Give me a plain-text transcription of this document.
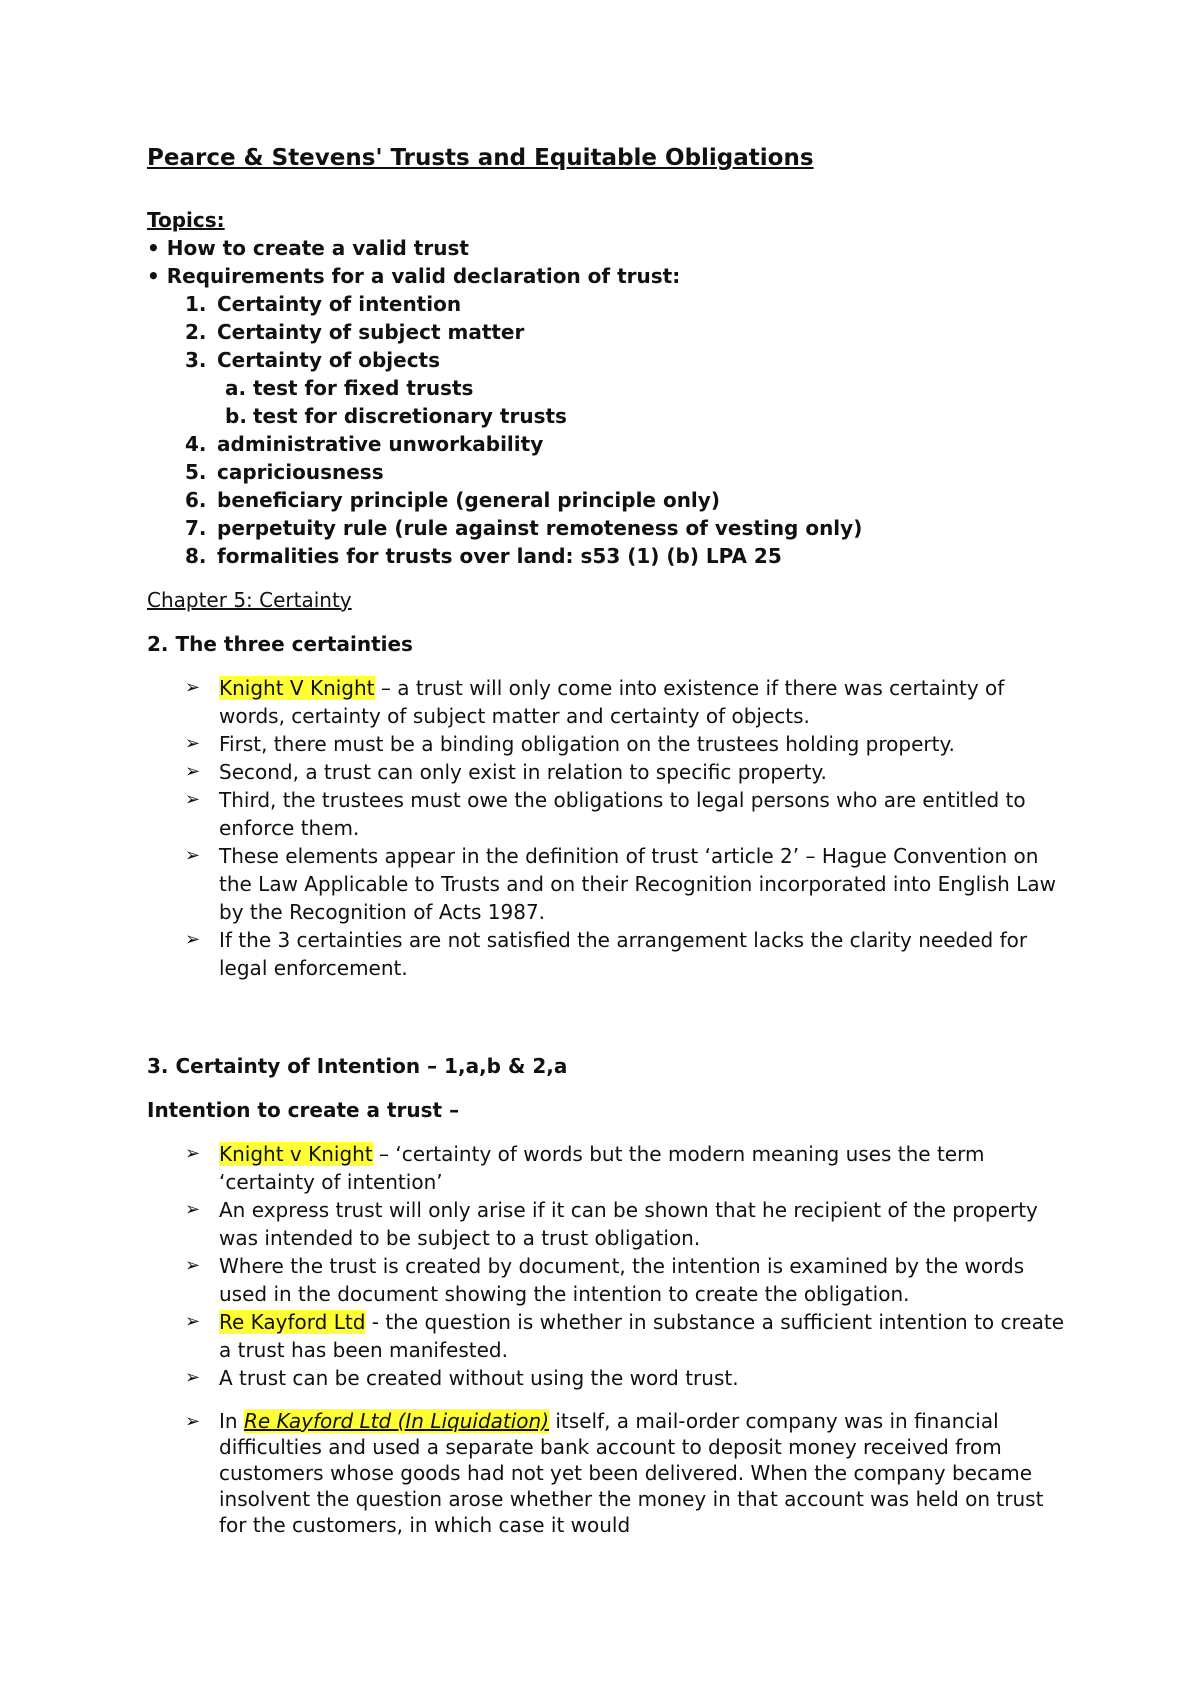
Pearce & Stevens' Trusts and Equitable Obligations
Topics:
• How to create a valid trust
• Requirements for a valid declaration of trust:
1. Certainty of intention
2. Certainty of subject matter
3. Certainty of objects
a. test for fixed trusts
b. test for discretionary trusts
4. administrative unworkability
5. capriciousness
6. beneficiary principle (general principle only)
7. perpetuity rule (rule against remoteness of vesting only)
8. formalities for trusts over land: s53 (1) (b) LPA 25
Chapter 5: Certainty
2. The three certainties
➢ Knight V Knight – a trust will only come into existence if there was certainty of words, certainty of subject matter and certainty of objects.
➢ First, there must be a binding obligation on the trustees holding property.
➢ Second, a trust can only exist in relation to specific property.
➢ Third, the trustees must owe the obligations to legal persons who are entitled to enforce them.
➢ These elements appear in the definition of trust ‘article 2’ – Hague Convention on the Law Applicable to Trusts and on their Recognition incorporated into English Law by the Recognition of Acts 1987.
➢ If the 3 certainties are not satisfied the arrangement lacks the clarity needed for legal enforcement.
3. Certainty of Intention – 1,a,b & 2,a
Intention to create a trust –
➢ Knight v Knight – ‘certainty of words but the modern meaning uses the term ‘certainty of intention’
➢ An express trust will only arise if it can be shown that he recipient of the property was intended to be subject to a trust obligation.
➢ Where the trust is created by document, the intention is examined by the words used in the document showing the intention to create the obligation.
➢ Re Kayford Ltd - the question is whether in substance a sufficient intention to create a trust has been manifested.
➢ A trust can be created without using the word trust.
➢ In Re Kayford Ltd (In Liquidation) itself, a mail-order company was in financial difficulties and used a separate bank account to deposit money received from customers whose goods had not yet been delivered. When the company became insolvent the question arose whether the money in that account was held on trust for the customers, in which case it would
